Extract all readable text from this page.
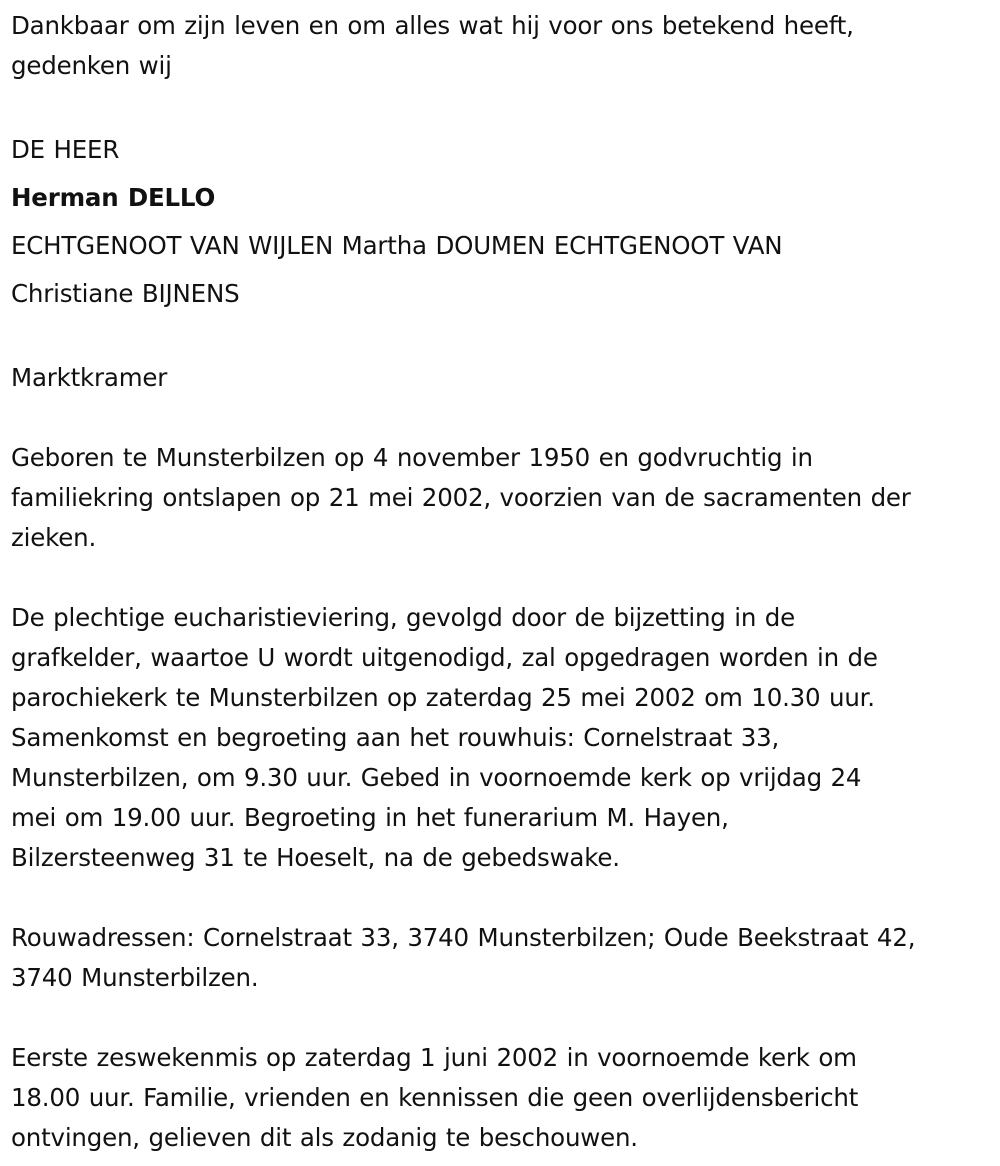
Dankbaar om zijn leven en om alles wat hij voor ons betekend heeft,
gedenken wij

DE HEER
Herman DELLO
ECHTGENOOT VAN WIJLEN Martha DOUMEN ECHTGENOOT VAN
Christiane BIJNENS

Marktkramer

Geboren te Munsterbilzen op 4 november 1950 en godvruchtig in
familiekring ontslapen op 21 mei 2002, voorzien van de sacramenten der
zieken.

De plechtige eucharistieviering, gevolgd door de bijzetting in de
grafkelder, waartoe U wordt uitgenodigd, zal opgedragen worden in de
parochiekerk te Munsterbilzen op zaterdag 25 mei 2002 om 10.30 uur.
Samenkomst en begroeting aan het rouwhuis: Cornelstraat 33,
Munsterbilzen, om 9.30 uur. Gebed in voornoemde kerk op vrijdag 24
mei om 19.00 uur. Begroeting in het funerarium M. Hayen,
Bilzersteenweg 31 te Hoeselt, na de gebedswake.

Rouwadressen: Cornelstraat 33, 3740 Munsterbilzen; Oude Beekstraat 42,
3740 Munsterbilzen.

Eerste zeswekenmis op zaterdag 1 juni 2002 in voornoemde kerk om
18.00 uur. Familie, vrienden en kennissen die geen overlijdensbericht
ontvingen, gelieven dit als zodanig te beschouwen.
